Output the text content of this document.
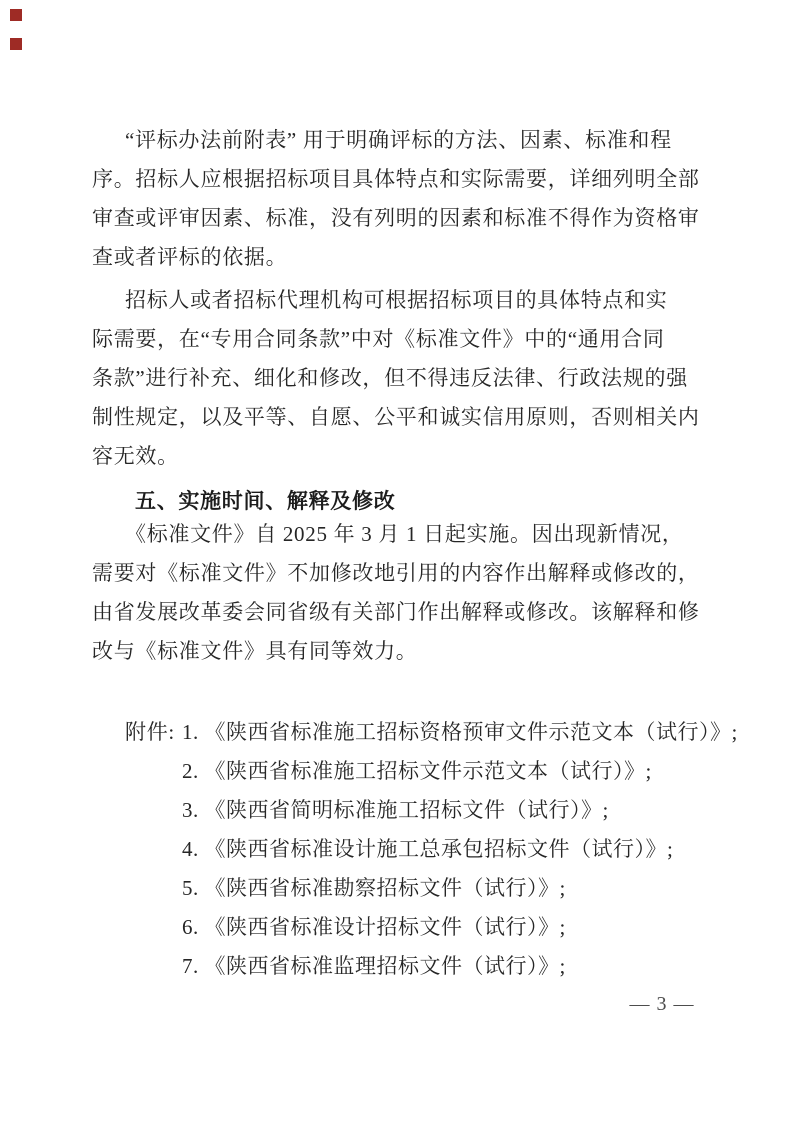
“评标办法前附表” 用于明确评标的方法、因素、标准和程
序。招标人应根据招标项目具体特点和实际需要，详细列明全部
审查或评审因素、标准，没有列明的因素和标准不得作为资格审
查或者评标的依据。
招标人或者招标代理机构可根据招标项目的具体特点和实
际需要，在“专用合同条款”中对《标准文件》中的“通用合同
条款”进行补充、细化和修改，但不得违反法律、行政法规的强
制性规定，以及平等、自愿、公平和诚实信用原则，否则相关内
容无效。
五、实施时间、解释及修改
《标准文件》自 2025 年 3 月 1 日起实施。因出现新情况，
需要对《标准文件》不加修改地引用的内容作出解释或修改的，
由省发展改革委会同省级有关部门作出解释或修改。该解释和修
改与《标准文件》具有同等效力。
附件: 1. 《陕西省标准施工招标资格预审文件示范文本（试行）》;
2. 《陕西省标准施工招标文件示范文本（试行）》;
3. 《陕西省简明标准施工招标文件（试行）》;
4. 《陕西省标准设计施工总承包招标文件（试行）》;
5. 《陕西省标准勘察招标文件（试行）》;
6. 《陕西省标准设计招标文件（试行）》;
7. 《陕西省标准监理招标文件（试行）》;
— 3 —
